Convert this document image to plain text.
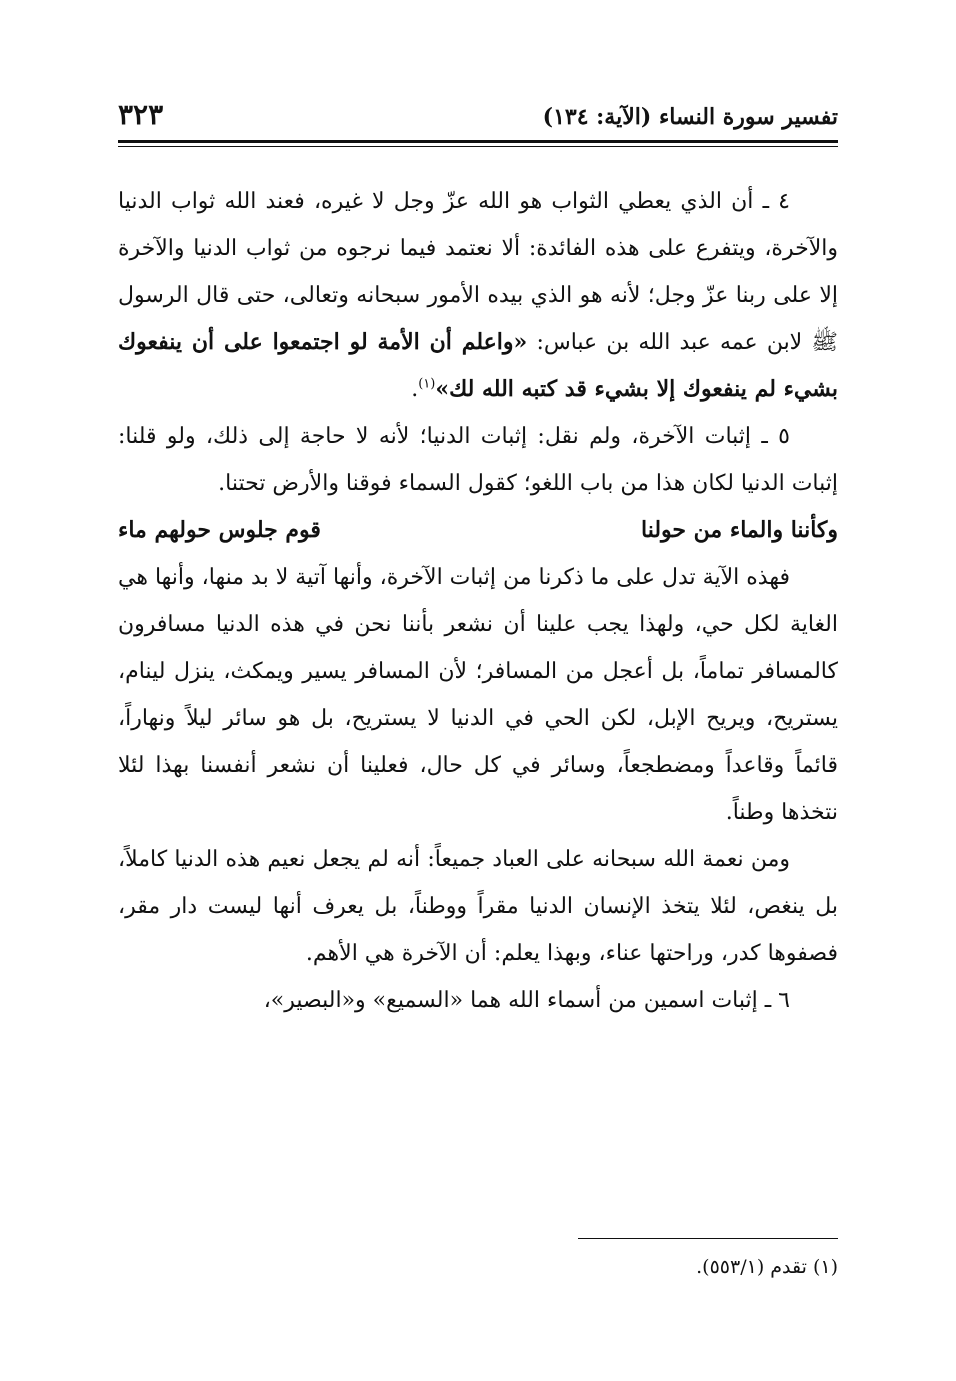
تفسير سورة النساء (الآية: ١٣٤)
٣٢٣

٤ ـ أن الذي يعطي الثواب هو الله عزّ وجل لا غيره، فعند الله ثواب الدنيا والآخرة، ويتفرع على هذه الفائدة: ألا نعتمد فيما نرجوه من ثواب الدنيا والآخرة إلا على ربنا عزّ وجل؛ لأنه هو الذي بيده الأمور سبحانه وتعالى، حتى قال الرسول ﷺ لابن عمه عبد الله بن عباس: «واعلم أن الأمة لو اجتمعوا على أن ينفعوك بشيء لم ينفعوك إلا بشيء قد كتبه الله لك»$^{(١)}$.

٥ ـ إثبات الآخرة، ولم نقل: إثبات الدنيا؛ لأنه لا حاجة إلى ذلك، ولو قلنا: إثبات الدنيا لكان هذا من باب اللغو؛ كقول السماء فوقنا والأرض تحتنا.

وكأننا والماء من حولنا
قوم جلوس حولهم ماء

فهذه الآية تدل على ما ذكرنا من إثبات الآخرة، وأنها آتية لا بد منها، وأنها هي الغاية لكل حي، ولهذا يجب علينا أن نشعر بأننا نحن في هذه الدنيا مسافرون كالمسافر تماماً، بل أعجل من المسافر؛ لأن المسافر يسير ويمكث، ينزل لينام، يستريح، ويريح الإبل، لكن الحي في الدنيا لا يستريح، بل هو سائر ليلاً ونهاراً، قائماً وقاعداً ومضطجعاً، وسائر في كل حال، فعلينا أن نشعر أنفسنا بهذا لئلا نتخذها وطناً.

ومن نعمة الله سبحانه على العباد جميعاً: أنه لم يجعل نعيم هذه الدنيا كاملاً، بل ينغص، لئلا يتخذ الإنسان الدنيا مقراً ووطناً، بل يعرف أنها ليست دار مقر، فصفوها كدر، وراحتها عناء، وبهذا يعلم: أن الآخرة هي الأهم.

٦ ـ إثبات اسمين من أسماء الله هما «السميع» و«البصير»،

(١) تقدم (٥٥٣/١).
